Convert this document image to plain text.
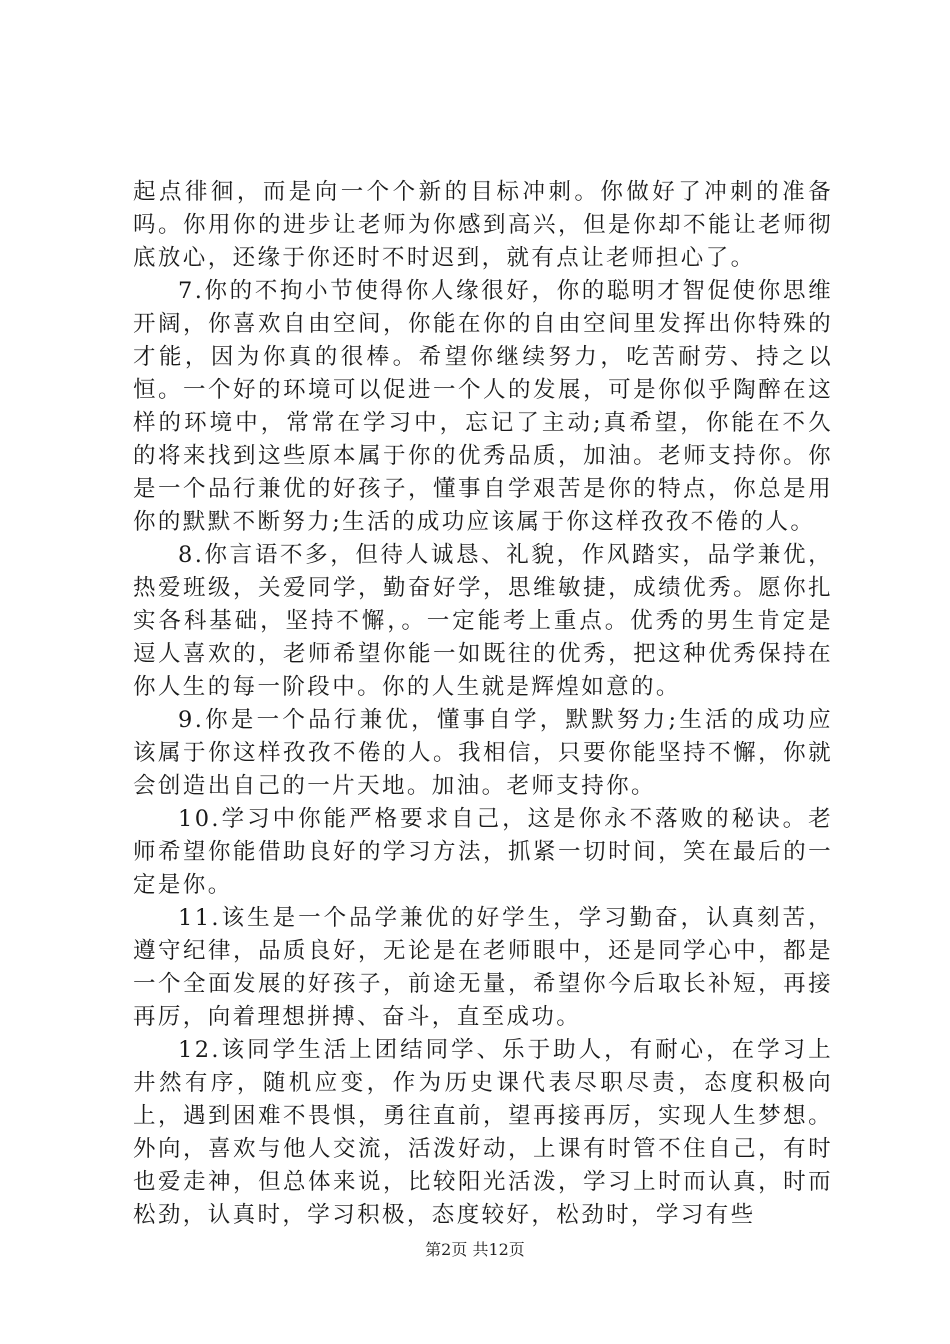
起点徘徊，而是向一个个新的目标冲刺。你做好了冲刺的准备吗。你用你的进步让老师为你感到高兴，但是你却不能让老师彻底放心，还缘于你还时不时迟到，就有点让老师担心了。

7.你的不拘小节使得你人缘很好，你的聪明才智促使你思维开阔，你喜欢自由空间，你能在你的自由空间里发挥出你特殊的才能，因为你真的很棒。希望你继续努力，吃苦耐劳、持之以恒。一个好的环境可以促进一个人的发展，可是你似乎陶醉在这样的环境中，常常在学习中，忘记了主动;真希望，你能在不久的将来找到这些原本属于你的优秀品质，加油。老师支持你。你是一个品行兼优的好孩子，懂事自学艰苦是你的特点，你总是用你的默默不断努力;生活的成功应该属于你这样孜孜不倦的人。

8.你言语不多，但待人诚恳、礼貌，作风踏实，品学兼优，热爱班级，关爱同学，勤奋好学，思维敏捷，成绩优秀。愿你扎实各科基础，坚持不懈，。一定能考上重点。优秀的男生肯定是逗人喜欢的，老师希望你能一如既往的优秀，把这种优秀保持在你人生的每一阶段中。你的人生就是辉煌如意的。

9.你是一个品行兼优，懂事自学，默默努力;生活的成功应该属于你这样孜孜不倦的人。我相信，只要你能坚持不懈，你就会创造出自己的一片天地。加油。老师支持你。

10.学习中你能严格要求自己，这是你永不落败的秘诀。老师希望你能借助良好的学习方法，抓紧一切时间，笑在最后的一定是你。

11.该生是一个品学兼优的好学生，学习勤奋，认真刻苦，遵守纪律，品质良好，无论是在老师眼中，还是同学心中，都是一个全面发展的好孩子，前途无量，希望你今后取长补短，再接再厉，向着理想拼搏、奋斗，直至成功。

12.该同学生活上团结同学、乐于助人，有耐心，在学习上井然有序，随机应变，作为历史课代表尽职尽责，态度积极向上，遇到困难不畏惧，勇往直前，望再接再厉，实现人生梦想。外向，喜欢与他人交流，活泼好动，上课有时管不住自己，有时也爱走神，但总体来说，比较阳光活泼，学习上时而认真，时而松劲，认真时，学习积极，态度较好，松劲时，学习有些

第2页 共12页
